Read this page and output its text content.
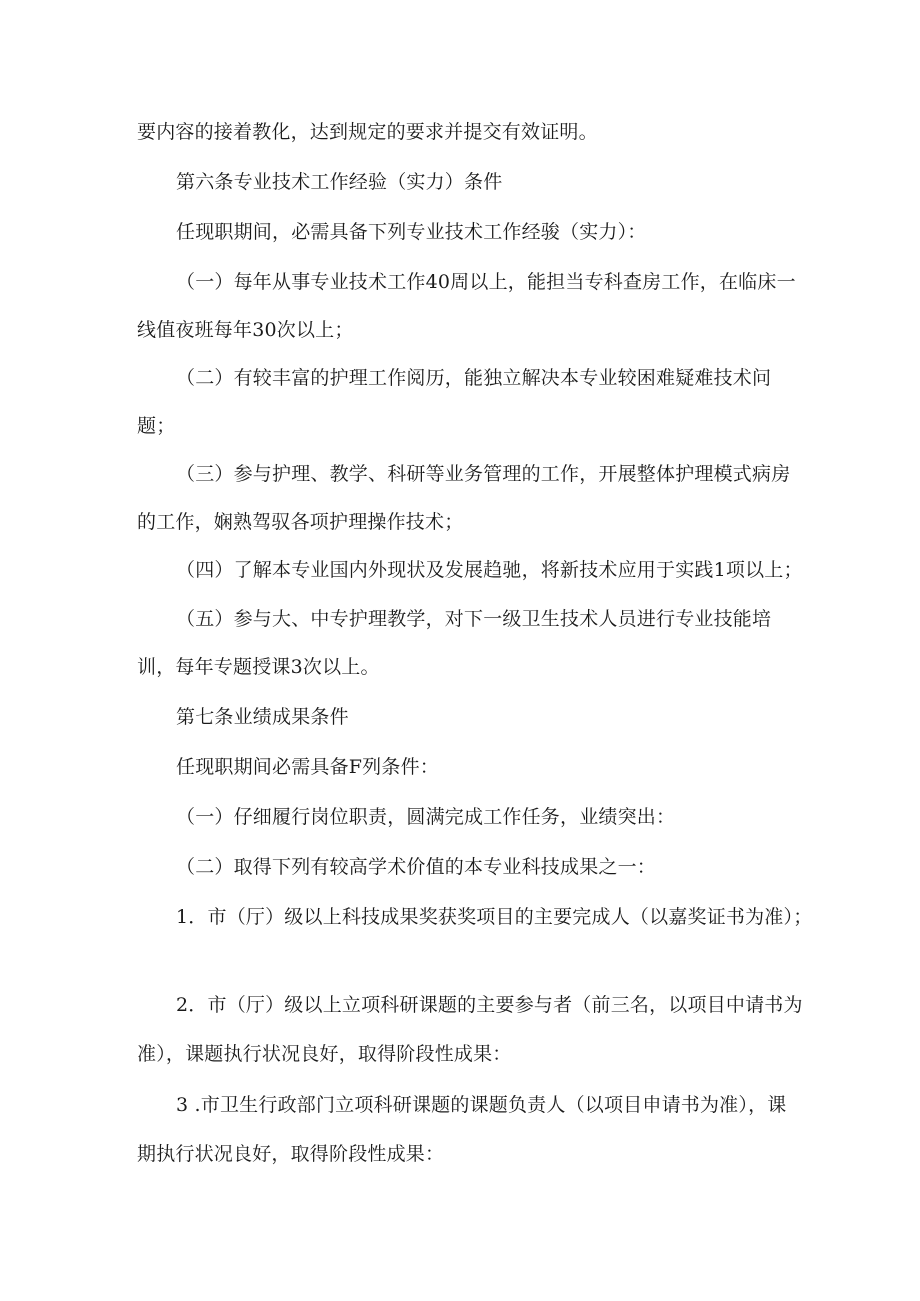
要内容的接着教化，达到规定的要求并提交有效证明。
第六条专业技术工作经验（实力）条件
任现职期间，必需具备下列专业技术工作经骏（实力）：
（一）每年从事专业技术工作40周以上，能担当专科查房工作，在临床一
线值夜班每年30次以上；
（二）有较丰富的护理工作阅历，能独立解决本专业较困难疑难技术问
题；
（三）参与护理、教学、科研等业务管理的工作，开展整体护理模式病房
的工作，娴熟驾驭各项护理操作技术；
（四）了解本专业国内外现状及发展趋驰，将新技术应用于实践1项以上；
（五）参与大、中专护理教学，对下一级卫生技术人员进行专业技能培
训，每年专题授课3次以上。
第七条业绩成果条件
任现职期间必需具备F列条件：
（一）仔细履行岗位职责，圆满完成工作任务，业绩突出：
（二）取得下列有较高学术价值的本专业科技成果之一：
1．市（厅）级以上科技成果奖获奖项目的主要完成人（以嘉奖证书为准）；
2．市（厅）级以上立项科研课题的主要参与者（前三名，以项目中请书为
准），课题执行状况良好，取得阶段性成果：
3 .市卫生行政部门立项科研课题的课题负责人（以项目申请书为准），课
期执行状况良好，取得阶段性成果：
